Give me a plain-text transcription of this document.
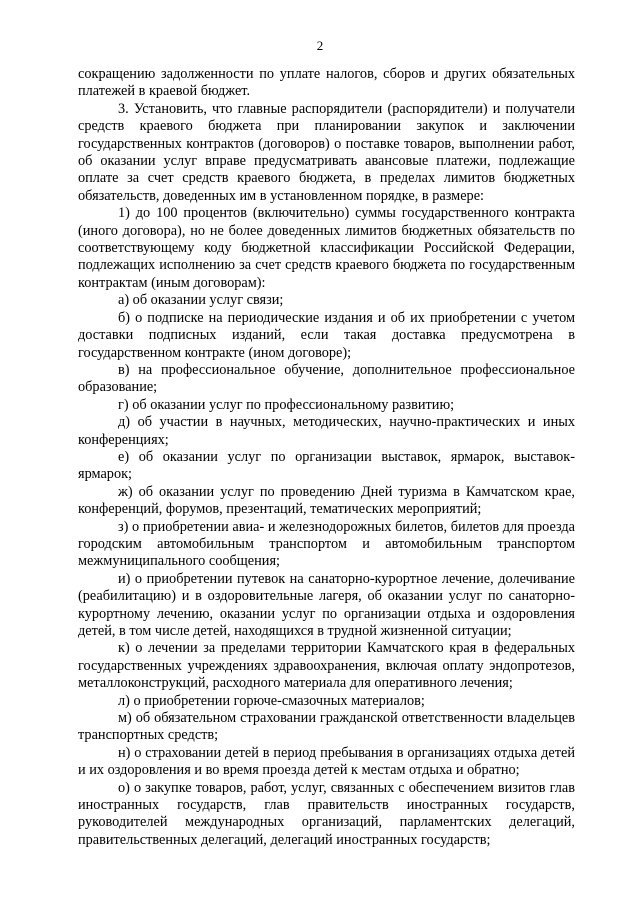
2

сокращению задолженности по уплате налогов, сборов и других обязательных платежей в краевой бюджет.

3. Установить, что главные распорядители (распорядители) и получатели средств краевого бюджета при планировании закупок и заключении государственных контрактов (договоров) о поставке товаров, выполнении работ, об оказании услуг вправе предусматривать авансовые платежи, подлежащие оплате за счет средств краевого бюджета, в пределах лимитов бюджетных обязательств, доведенных им в установленном порядке, в размере:

1) до 100 процентов (включительно) суммы государственного контракта (иного договора), но не более доведенных лимитов бюджетных обязательств по соответствующему коду бюджетной классификации Российской Федерации, подлежащих исполнению за счет средств краевого бюджета по государственным контрактам (иным договорам):

а) об оказании услуг связи;

б) о подписке на периодические издания и об их приобретении с учетом доставки подписных изданий, если такая доставка предусмотрена в государственном контракте (ином договоре);

в) на профессиональное обучение, дополнительное профессиональное образование;

г) об оказании услуг по профессиональному развитию;

д) об участии в научных, методических, научно-практических и иных конференциях;

е) об оказании услуг по организации выставок, ярмарок, выставок-ярмарок;

ж) об оказании услуг по проведению Дней туризма в Камчатском крае, конференций, форумов, презентаций, тематических мероприятий;

з) о приобретении авиа- и железнодорожных билетов, билетов для проезда городским автомобильным транспортом и автомобильным транспортом межмуниципального сообщения;

и) о приобретении путевок на санаторно-курортное лечение, долечивание (реабилитацию) и в оздоровительные лагеря, об оказании услуг по санаторно-курортному лечению, оказании услуг по организации отдыха и оздоровления детей, в том числе детей, находящихся в трудной жизненной ситуации;

к) о лечении за пределами территории Камчатского края в федеральных государственных учреждениях здравоохранения, включая оплату эндопротезов, металлоконструкций, расходного материала для оперативного лечения;

л) о приобретении горюче-смазочных материалов;

м) об обязательном страховании гражданской ответственности владельцев транспортных средств;

н) о страховании детей в период пребывания в организациях отдыха детей и их оздоровления и во время проезда детей к местам отдыха и обратно;

о) о закупке товаров, работ, услуг, связанных с обеспечением визитов глав иностранных государств, глав правительств иностранных государств, руководителей международных организаций, парламентских делегаций, правительственных делегаций, делегаций иностранных государств;
